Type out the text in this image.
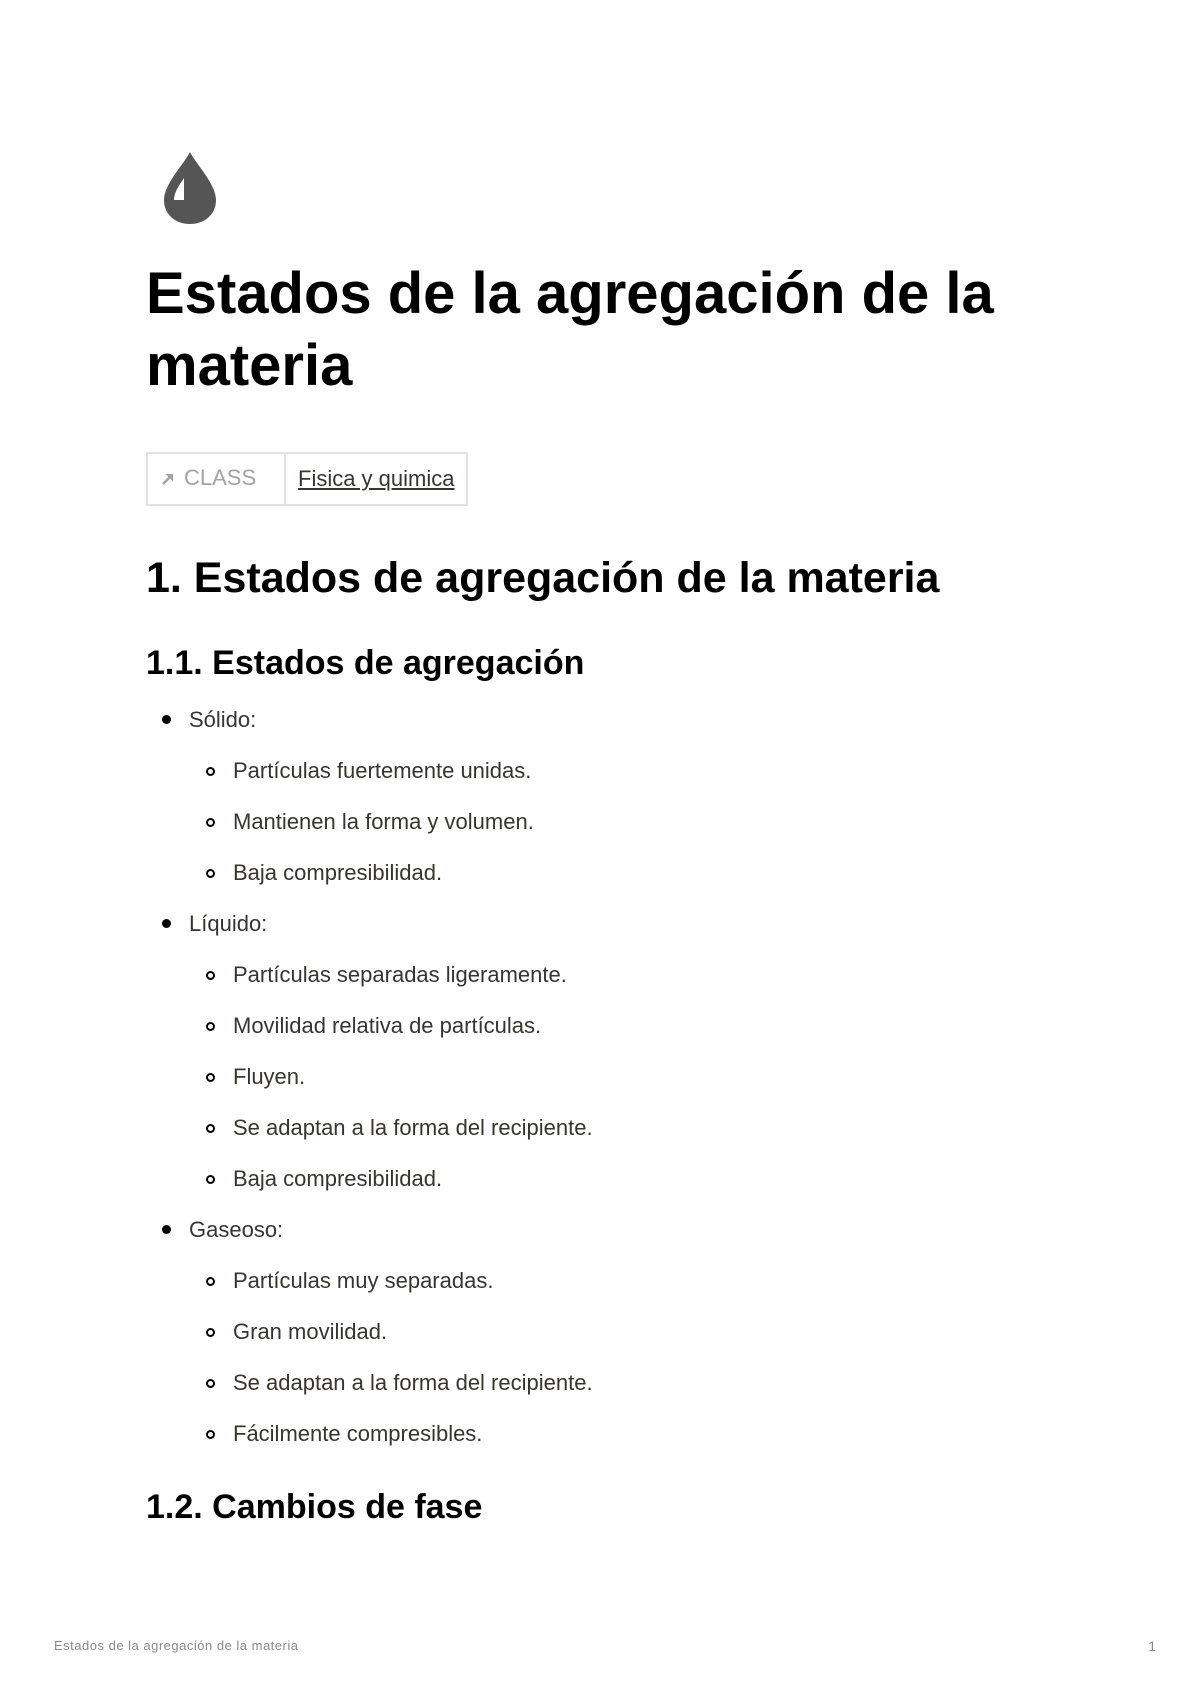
Estados de la agregación de la materia
CLASS	Fisica y quimica
1. Estados de agregación de la materia
1.1. Estados de agregación
Sólido:
Partículas fuertemente unidas.
Mantienen la forma y volumen.
Baja compresibilidad.
Líquido:
Partículas separadas ligeramente.
Movilidad relativa de partículas.
Fluyen.
Se adaptan a la forma del recipiente.
Baja compresibilidad.
Gaseoso:
Partículas muy separadas.
Gran movilidad.
Se adaptan a la forma del recipiente.
Fácilmente compresibles.
1.2. Cambios de fase
Estados de la agregación de la materia	1
